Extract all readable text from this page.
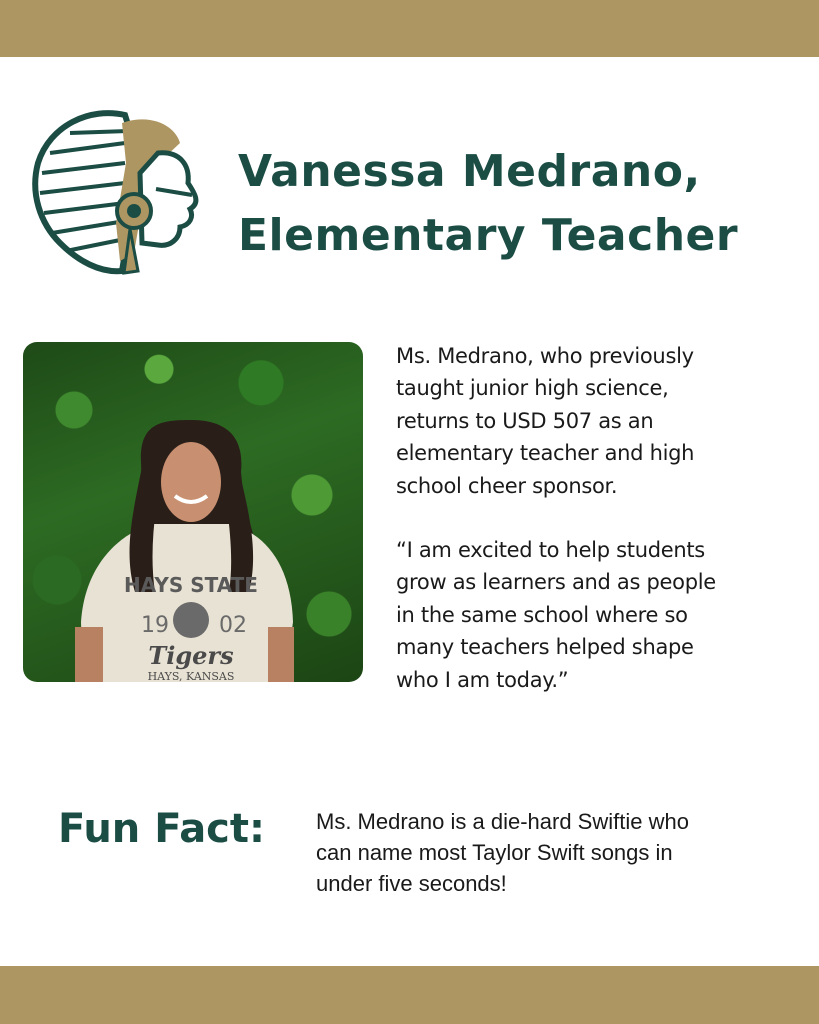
Vanessa Medrano,
Elementary Teacher
HAYS STATE
19 02
Tigers
HAYS, KANSAS

Ms. Medrano, who previously
taught junior high science,
returns to USD 507 as an
elementary teacher and high
school cheer sponsor.

“I am excited to help students
grow as learners and as people
in the same school where so
many teachers helped shape
who I am today.”

Fun Fact: Ms. Medrano is a die-hard Swiftie who
can name most Taylor Swift songs in
under five seconds!
